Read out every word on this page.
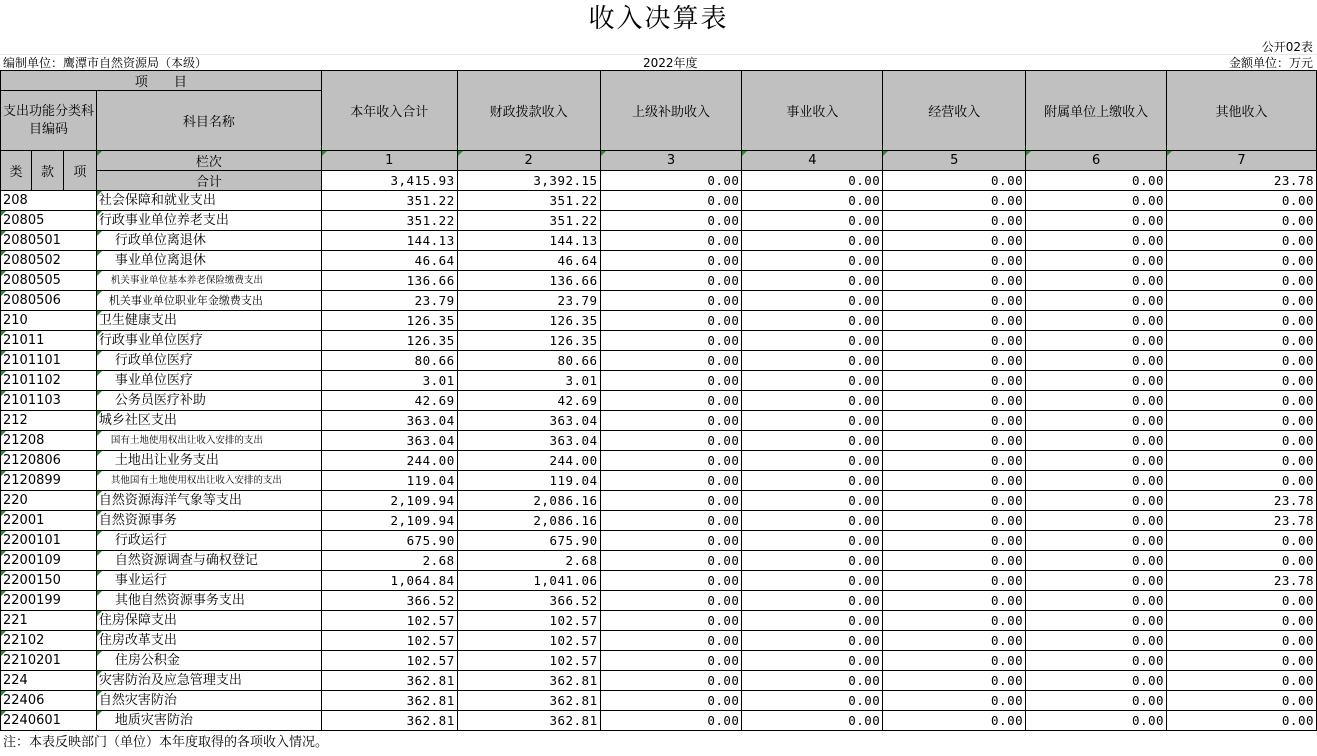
收入决算表
公开02表
编制单位：鹰潭市自然资源局（本级）	2022年度	金额单位：万元
项　　目				本年收入合计	财政拨款收入	上级补助收入	事业收入	经营收入	附属单位上缴收入	其他收入
支出功能分类科目编码			科目名称							

类	款	项	栏次	1	2	3	4	5	6	7
			合计	3,415.93	3,392.15	0.00	0.00	0.00	0.00	23.78
208			社会保障和就业支出	351.22	351.22	0.00	0.00	0.00	0.00	0.00
20805			行政事业单位养老支出	351.22	351.22	0.00	0.00	0.00	0.00	0.00
2080501			行政单位离退休	144.13	144.13	0.00	0.00	0.00	0.00	0.00
2080502			事业单位离退休	46.64	46.64	0.00	0.00	0.00	0.00	0.00
2080505			机关事业单位基本养老保险缴费支出	136.66	136.66	0.00	0.00	0.00	0.00	0.00
2080506			机关事业单位职业年金缴费支出	23.79	23.79	0.00	0.00	0.00	0.00	0.00
210			卫生健康支出	126.35	126.35	0.00	0.00	0.00	0.00	0.00
21011			行政事业单位医疗	126.35	126.35	0.00	0.00	0.00	0.00	0.00
2101101			行政单位医疗	80.66	80.66	0.00	0.00	0.00	0.00	0.00
2101102			事业单位医疗	3.01	3.01	0.00	0.00	0.00	0.00	0.00
2101103			公务员医疗补助	42.69	42.69	0.00	0.00	0.00	0.00	0.00
212			城乡社区支出	363.04	363.04	0.00	0.00	0.00	0.00	0.00
21208			国有土地使用权出让收入安排的支出	363.04	363.04	0.00	0.00	0.00	0.00	0.00
2120806			土地出让业务支出	244.00	244.00	0.00	0.00	0.00	0.00	0.00
2120899			其他国有土地使用权出让收入安排的支出	119.04	119.04	0.00	0.00	0.00	0.00	0.00
220			自然资源海洋气象等支出	2,109.94	2,086.16	0.00	0.00	0.00	0.00	23.78
22001			自然资源事务	2,109.94	2,086.16	0.00	0.00	0.00	0.00	23.78
2200101			行政运行	675.90	675.90	0.00	0.00	0.00	0.00	0.00
2200109			自然资源调查与确权登记	2.68	2.68	0.00	0.00	0.00	0.00	0.00
2200150			事业运行	1,064.84	1,041.06	0.00	0.00	0.00	0.00	23.78
2200199			其他自然资源事务支出	366.52	366.52	0.00	0.00	0.00	0.00	0.00
221			住房保障支出	102.57	102.57	0.00	0.00	0.00	0.00	0.00
22102			住房改革支出	102.57	102.57	0.00	0.00	0.00	0.00	0.00
2210201			住房公积金	102.57	102.57	0.00	0.00	0.00	0.00	0.00
224			灾害防治及应急管理支出	362.81	362.81	0.00	0.00	0.00	0.00	0.00
22406			自然灾害防治	362.81	362.81	0.00	0.00	0.00	0.00	0.00
2240601			地质灾害防治	362.81	362.81	0.00	0.00	0.00	0.00	0.00
注：本表反映部门（单位）本年度取得的各项收入情况。
